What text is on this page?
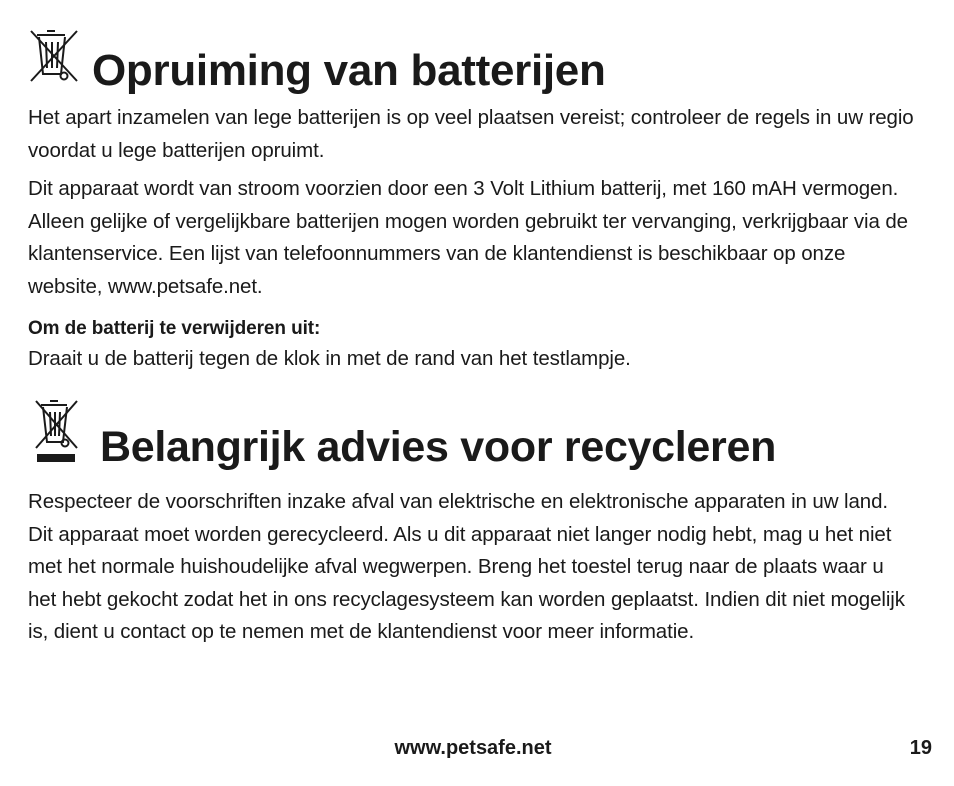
Opruiming van batterijen

Het apart inzamelen van lege batterijen is op veel plaatsen vereist; controleer de regels in uw regio voordat u lege batterijen opruimt.

Dit apparaat wordt van stroom voorzien door een 3 Volt Lithium batterij, met 160 mAH vermogen. Alleen gelijke of vergelijkbare batterijen mogen worden gebruikt ter vervanging, verkrijgbaar via de klantenservice. Een lijst van telefoonnummers van de klantendienst is beschikbaar op onze website, www.petsafe.net.

Om de batterij te verwijderen uit:

Draait u de batterij tegen de klok in met de rand van het testlampje.

Belangrijk advies voor recycleren

Respecteer de voorschriften inzake afval van elektrische en elektronische apparaten in uw land. Dit apparaat moet worden gerecycleerd. Als u dit apparaat niet langer nodig hebt, mag u het niet met het normale huishoudelijke afval wegwerpen. Breng het toestel terug naar de plaats waar u het hebt gekocht zodat het in ons recyclagesysteem kan worden geplaatst. Indien dit niet mogelijk is, dient u contact op te nemen met de klantendienst voor meer informatie.

www.petsafe.net	19
